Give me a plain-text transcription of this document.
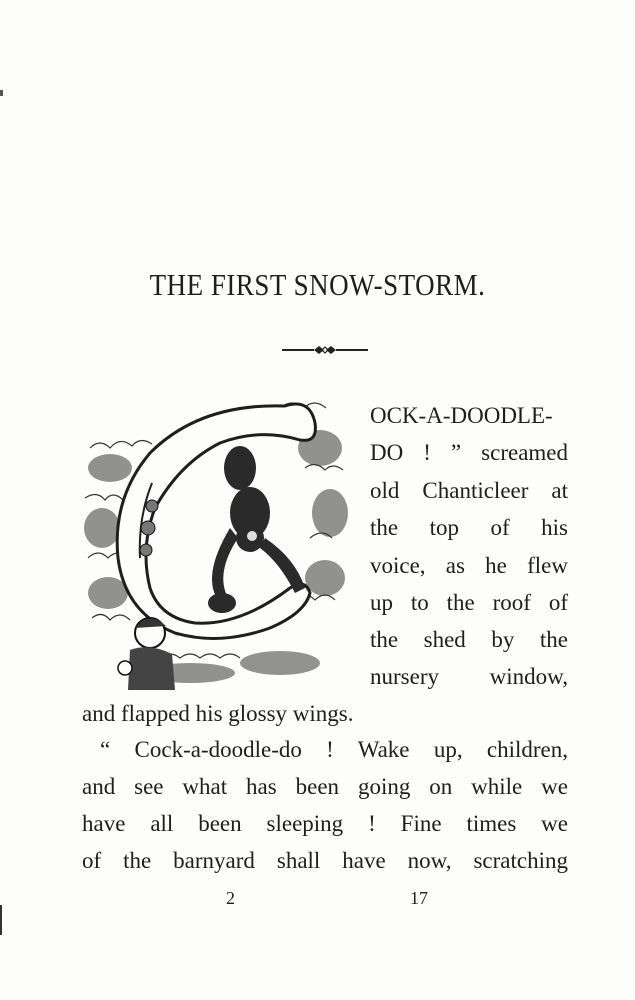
THE FIRST SNOW-STORM.
OCK-A-DOODLE-
DO ! ” screamed
old Chanticleer at
the top of his
voice, as he flew
up to the roof of
the shed by the
nursery window,
and flapped his glossy wings.
“ Cock-a-doodle-do ! Wake up, children,
and see what has been going on while we
have all been sleeping ! Fine times we
of the barnyard shall have now, scratching
2	17
